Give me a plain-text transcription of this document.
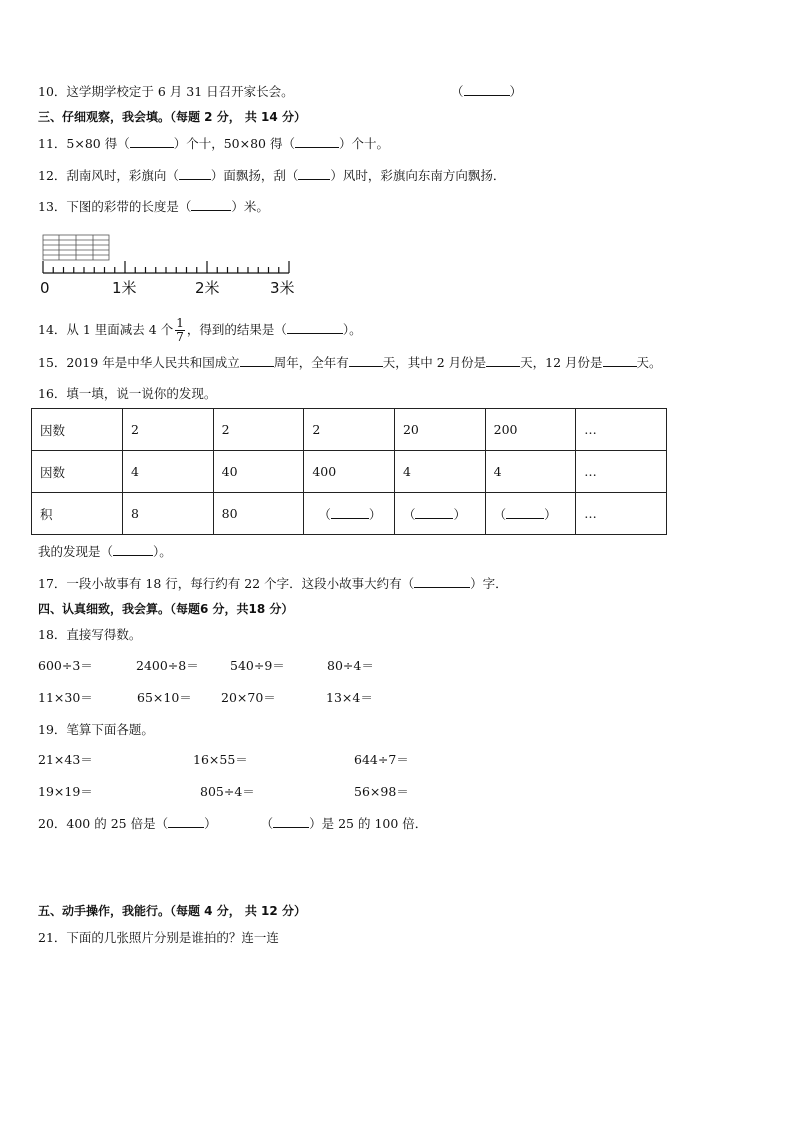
10．这学期学校定于 6 月 31 日召开家长会。	（	）
三、仔细观察，我会填。（每题 2 分， 共 14 分）
11．5×80 得（	）个十，50×80 得（	）个十。
12．刮南风时，彩旗向（	）面飘扬，刮（	）风时，彩旗向东南方向飘扬．
13．下图的彩带的长度是（	）米。
0	1米	2米	3米
14．从 1 里面减去 4 个 $\frac{1}{7}$ ，得到的结果是（	）。
15．2019 年是中华人民共和国成立	周年，全年有	天，其中 2 月份是	天，12 月份是	天。
16．填一填，说一说你的发现。
因数	2	2	2	20	200	…
因数	4	40	400	4	4	…
积	8	80	（ ）	（ ）	（ ）	…
我的发现是（	）。
17．一段小故事有 18 行，每行约有 22 个字．这段小故事大约有（	）字．
四、认真细致，我会算。（每题6 分，共18 分）
18．直接写得数。
600÷3＝	2400÷8＝	540÷9＝	80÷4＝
11×30＝	65×10＝ 20×70＝	13×4＝
19．笔算下面各题。
21×43＝	16×55＝	644÷7＝
19×19＝	805÷4＝	56×98＝
20．400 的 25 倍是（	）	（	）是 25 的 100 倍．
五、动手操作，我能行。（每题 4 分， 共 12 分）
21．下面的几张照片分别是谁拍的？连一连
